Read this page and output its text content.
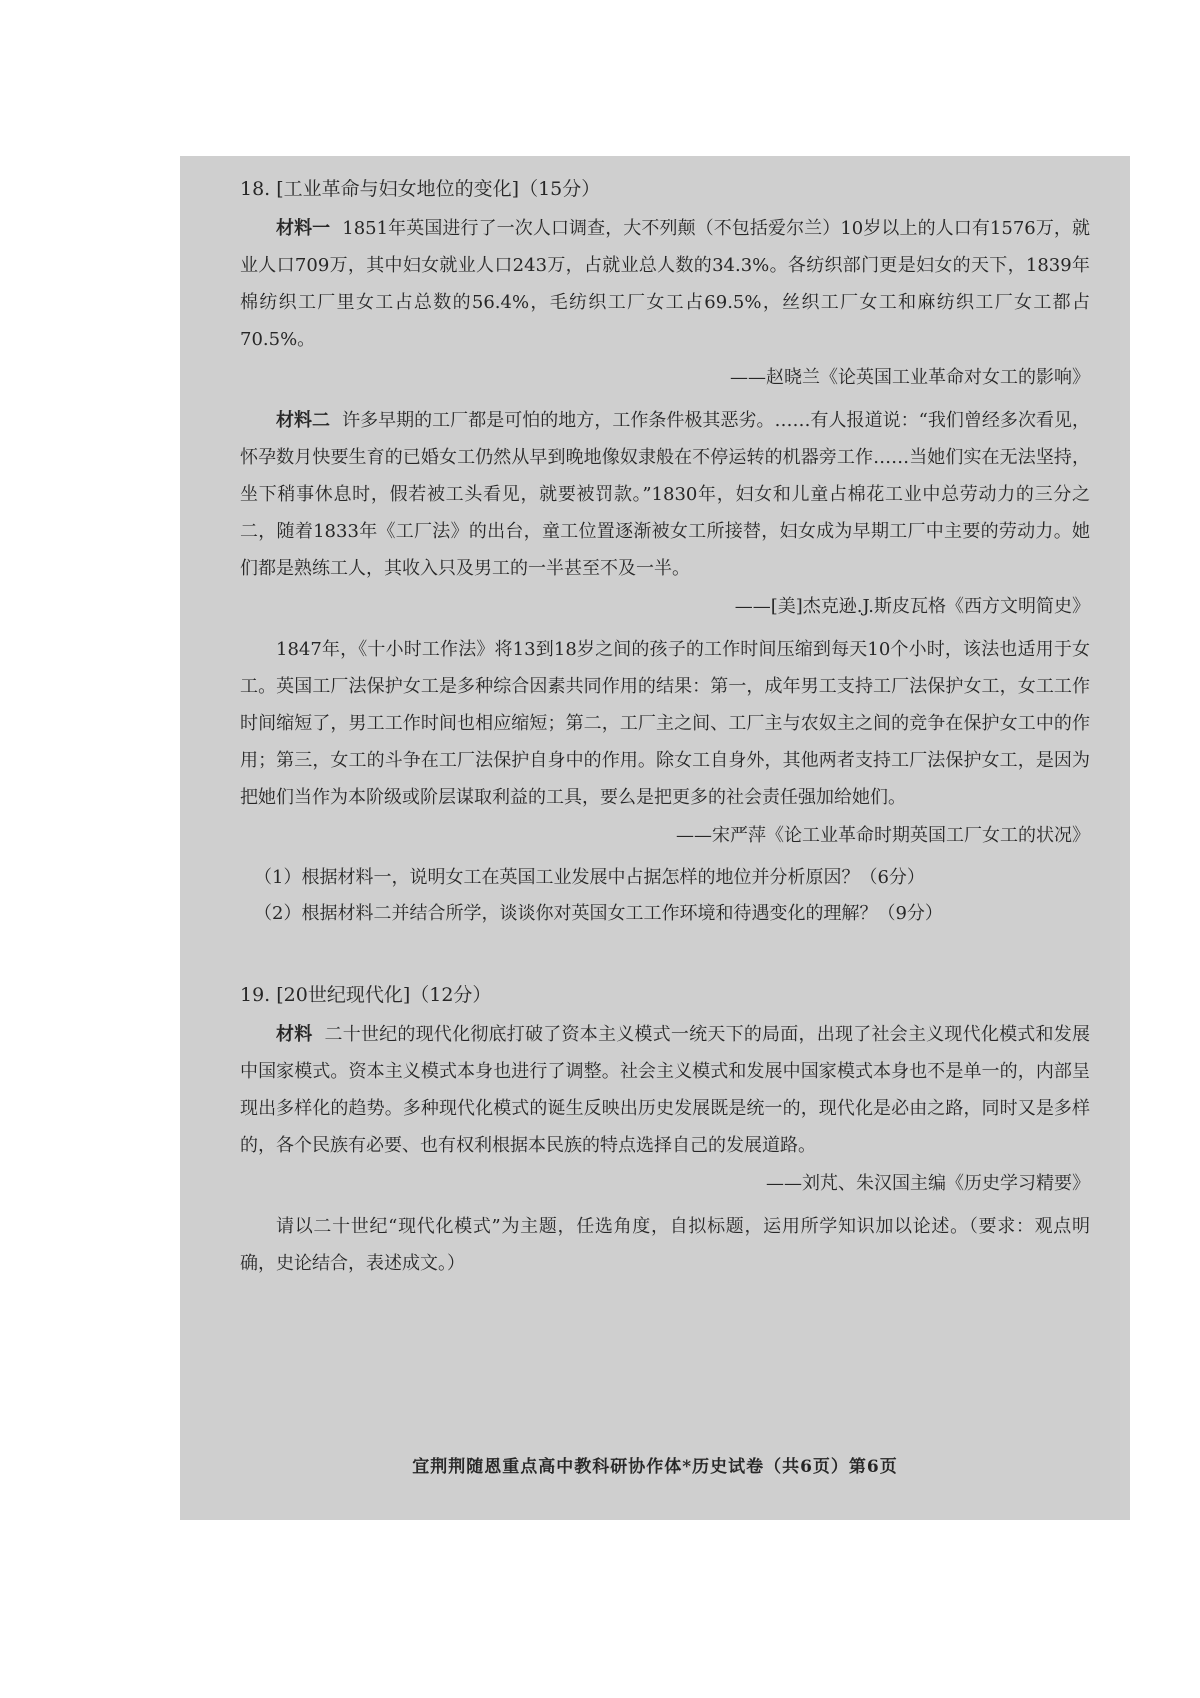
18. [工业革命与妇女地位的变化]（15分）

材料一 1851年英国进行了一次人口调查，大不列颠（不包括爱尔兰）10岁以上的人口有1576万，就业人口709万，其中妇女就业人口243万，占就业总人数的34.3%。各纺织部门更是妇女的天下，1839年棉纺织工厂里女工占总数的56.4%，毛纺织工厂女工占69.5%，丝织工厂女工和麻纺织工厂女工都占70.5%。

——赵晓兰《论英国工业革命对女工的影响》

材料二 许多早期的工厂都是可怕的地方，工作条件极其恶劣。……有人报道说：“我们曾经多次看见，怀孕数月快要生育的已婚女工仍然从早到晚地像奴隶般在不停运转的机器旁工作……当她们实在无法坚持，坐下稍事休息时，假若被工头看见，就要被罚款。”1830年，妇女和儿童占棉花工业中总劳动力的三分之二，随着1833年《工厂法》的出台，童工位置逐渐被女工所接替，妇女成为早期工厂中主要的劳动力。她们都是熟练工人，其收入只及男工的一半甚至不及一半。

——[美]杰克逊.J.斯皮瓦格《西方文明简史》

1847年，《十小时工作法》将13到18岁之间的孩子的工作时间压缩到每天10个小时，该法也适用于女工。英国工厂法保护女工是多种综合因素共同作用的结果：第一，成年男工支持工厂法保护女工，女工工作时间缩短了，男工工作时间也相应缩短；第二，工厂主之间、工厂主与农奴主之间的竞争在保护女工中的作用；第三，女工的斗争在工厂法保护自身中的作用。除女工自身外，其他两者支持工厂法保护女工，是因为把她们当作为本阶级或阶层谋取利益的工具，要么是把更多的社会责任强加给她们。

——宋严萍《论工业革命时期英国工厂女工的状况》

（1）根据材料一，说明女工在英国工业发展中占据怎样的地位并分析原因？（6分）

（2）根据材料二并结合所学，谈谈你对英国女工工作环境和待遇变化的理解？（9分）

19. [20世纪现代化]（12分）

材料 二十世纪的现代化彻底打破了资本主义模式一统天下的局面，出现了社会主义现代化模式和发展中国家模式。资本主义模式本身也进行了调整。社会主义模式和发展中国家模式本身也不是单一的，内部呈现出多样化的趋势。多种现代化模式的诞生反映出历史发展既是统一的，现代化是必由之路，同时又是多样的，各个民族有必要、也有权利根据本民族的特点选择自己的发展道路。

——刘芃、朱汉国主编《历史学习精要》

请以二十世纪“现代化模式”为主题，任选角度，自拟标题，运用所学知识加以论述。（要求：观点明确，史论结合，表述成文。）

宜荆荆随恩重点高中教科研协作体*历史试卷（共6页）第6页
